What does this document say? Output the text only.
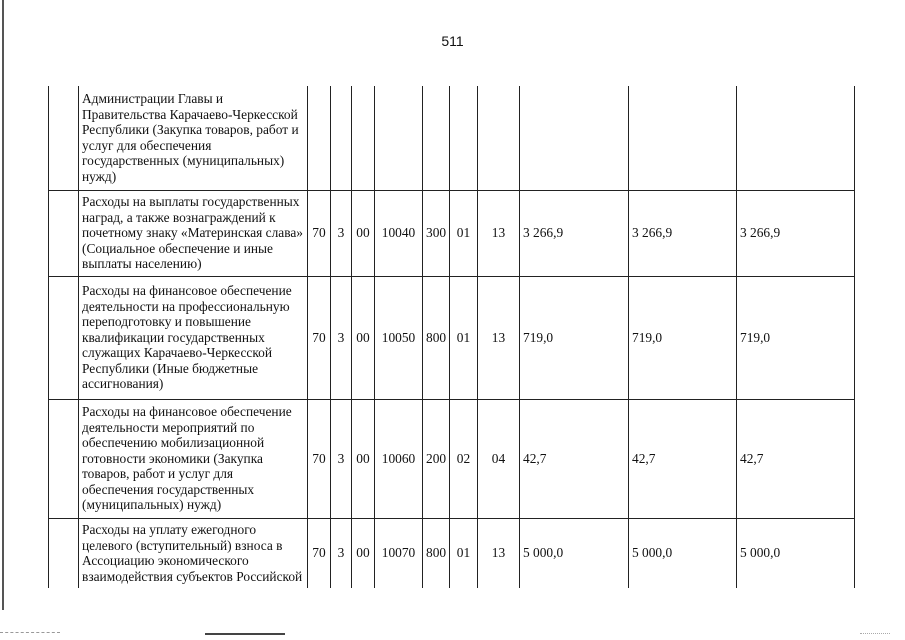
511
	Администрации Главы и Правительства Карачаево-Черкесской Республики (Закупка товаров, работ и услуг для обеспечения государственных (муниципальных) нужд)										
	Расходы на выплаты государственных наград, а также вознаграждений к почетному знаку «Материнская слава» (Социальное обеспечение и иные выплаты населению)	70	3	00	10040	300	01	13	3 266,9	3 266,9	3 266,9
	Расходы на финансовое обеспечение деятельности на профессиональную переподготовку и повышение квалификации государственных служащих Карачаево-Черкесской Республики (Иные бюджетные ассигнования)	70	3	00	10050	800	01	13	719,0	719,0	719,0
	Расходы на финансовое обеспечение деятельности мероприятий по обеспечению мобилизационной готовности экономики (Закупка товаров, работ и услуг для обеспечения государственных (муниципальных) нужд)	70	3	00	10060	200	02	04	42,7	42,7	42,7
	Расходы на уплату ежегодного целевого (вступительный) взноса в Ассоциацию экономического взаимодействия субъектов Российской	70	3	00	10070	800	01	13	5 000,0	5 000,0	5 000,0
